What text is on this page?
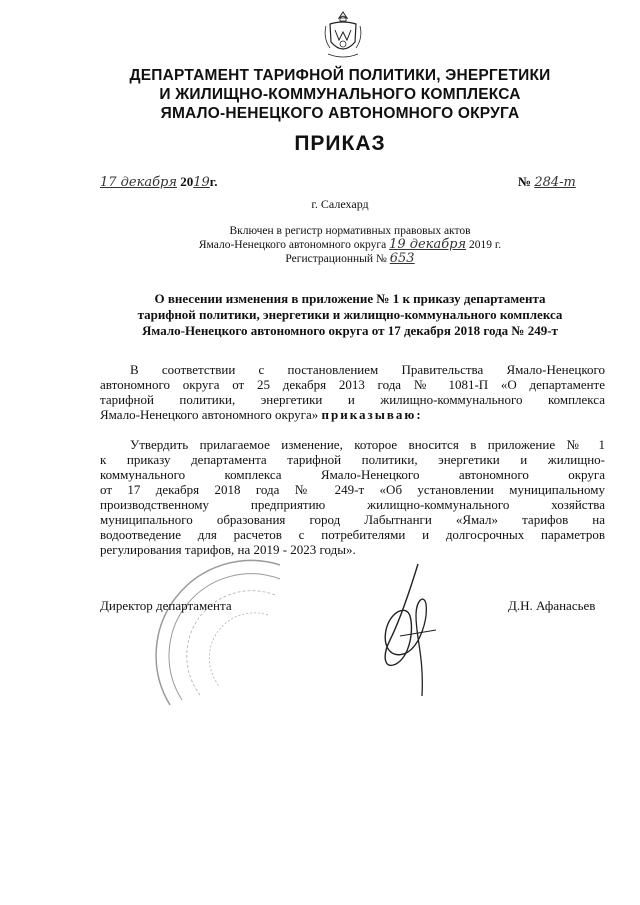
ДЕПАРТАМЕНТ ТАРИФНОЙ ПОЛИТИКИ, ЭНЕРГЕТИКИ
И ЖИЛИЩНО-КОММУНАЛЬНОГО КОМПЛЕКСА
ЯМАЛО-НЕНЕЦКОГО АВТОНОМНОГО ОКРУГА
ПРИКАЗ
17 декабря 2019г.	№ 284-т
г. Салехард
Включен в регистр нормативных правовых актов
Ямало-Ненецкого автономного округа 19 декабря 2019 г.
Регистрационный № 653
О внесении изменения в приложение № 1 к приказу департамента
тарифной политики, энергетики и жилищно-коммунального комплекса
Ямало-Ненецкого автономного округа от 17 декабря 2018 года № 249-т
В соответствии с постановлением Правительства Ямало-Ненецкого
автономного округа от 25 декабря 2013 года № 1081-П «О департаменте
тарифной политики, энергетики и жилищно-коммунального комплекса
Ямало-Ненецкого автономного округа» приказываю:
Утвердить прилагаемое изменение, которое вносится в приложение № 1
к приказу департамента тарифной политики, энергетики и жилищно-
коммунального комплекса Ямало-Ненецкого автономного округа
от 17 декабря 2018 года № 249-т «Об установлении муниципальному
производственному предприятию жилищно-коммунального хозяйства
муниципального образования город Лабытнанги «Ямал» тарифов на
водоотведение для расчетов с потребителями и долгосрочных параметров
регулирования тарифов, на 2019 - 2023 годы».
Директор департамента	Д.Н. Афанасьев
